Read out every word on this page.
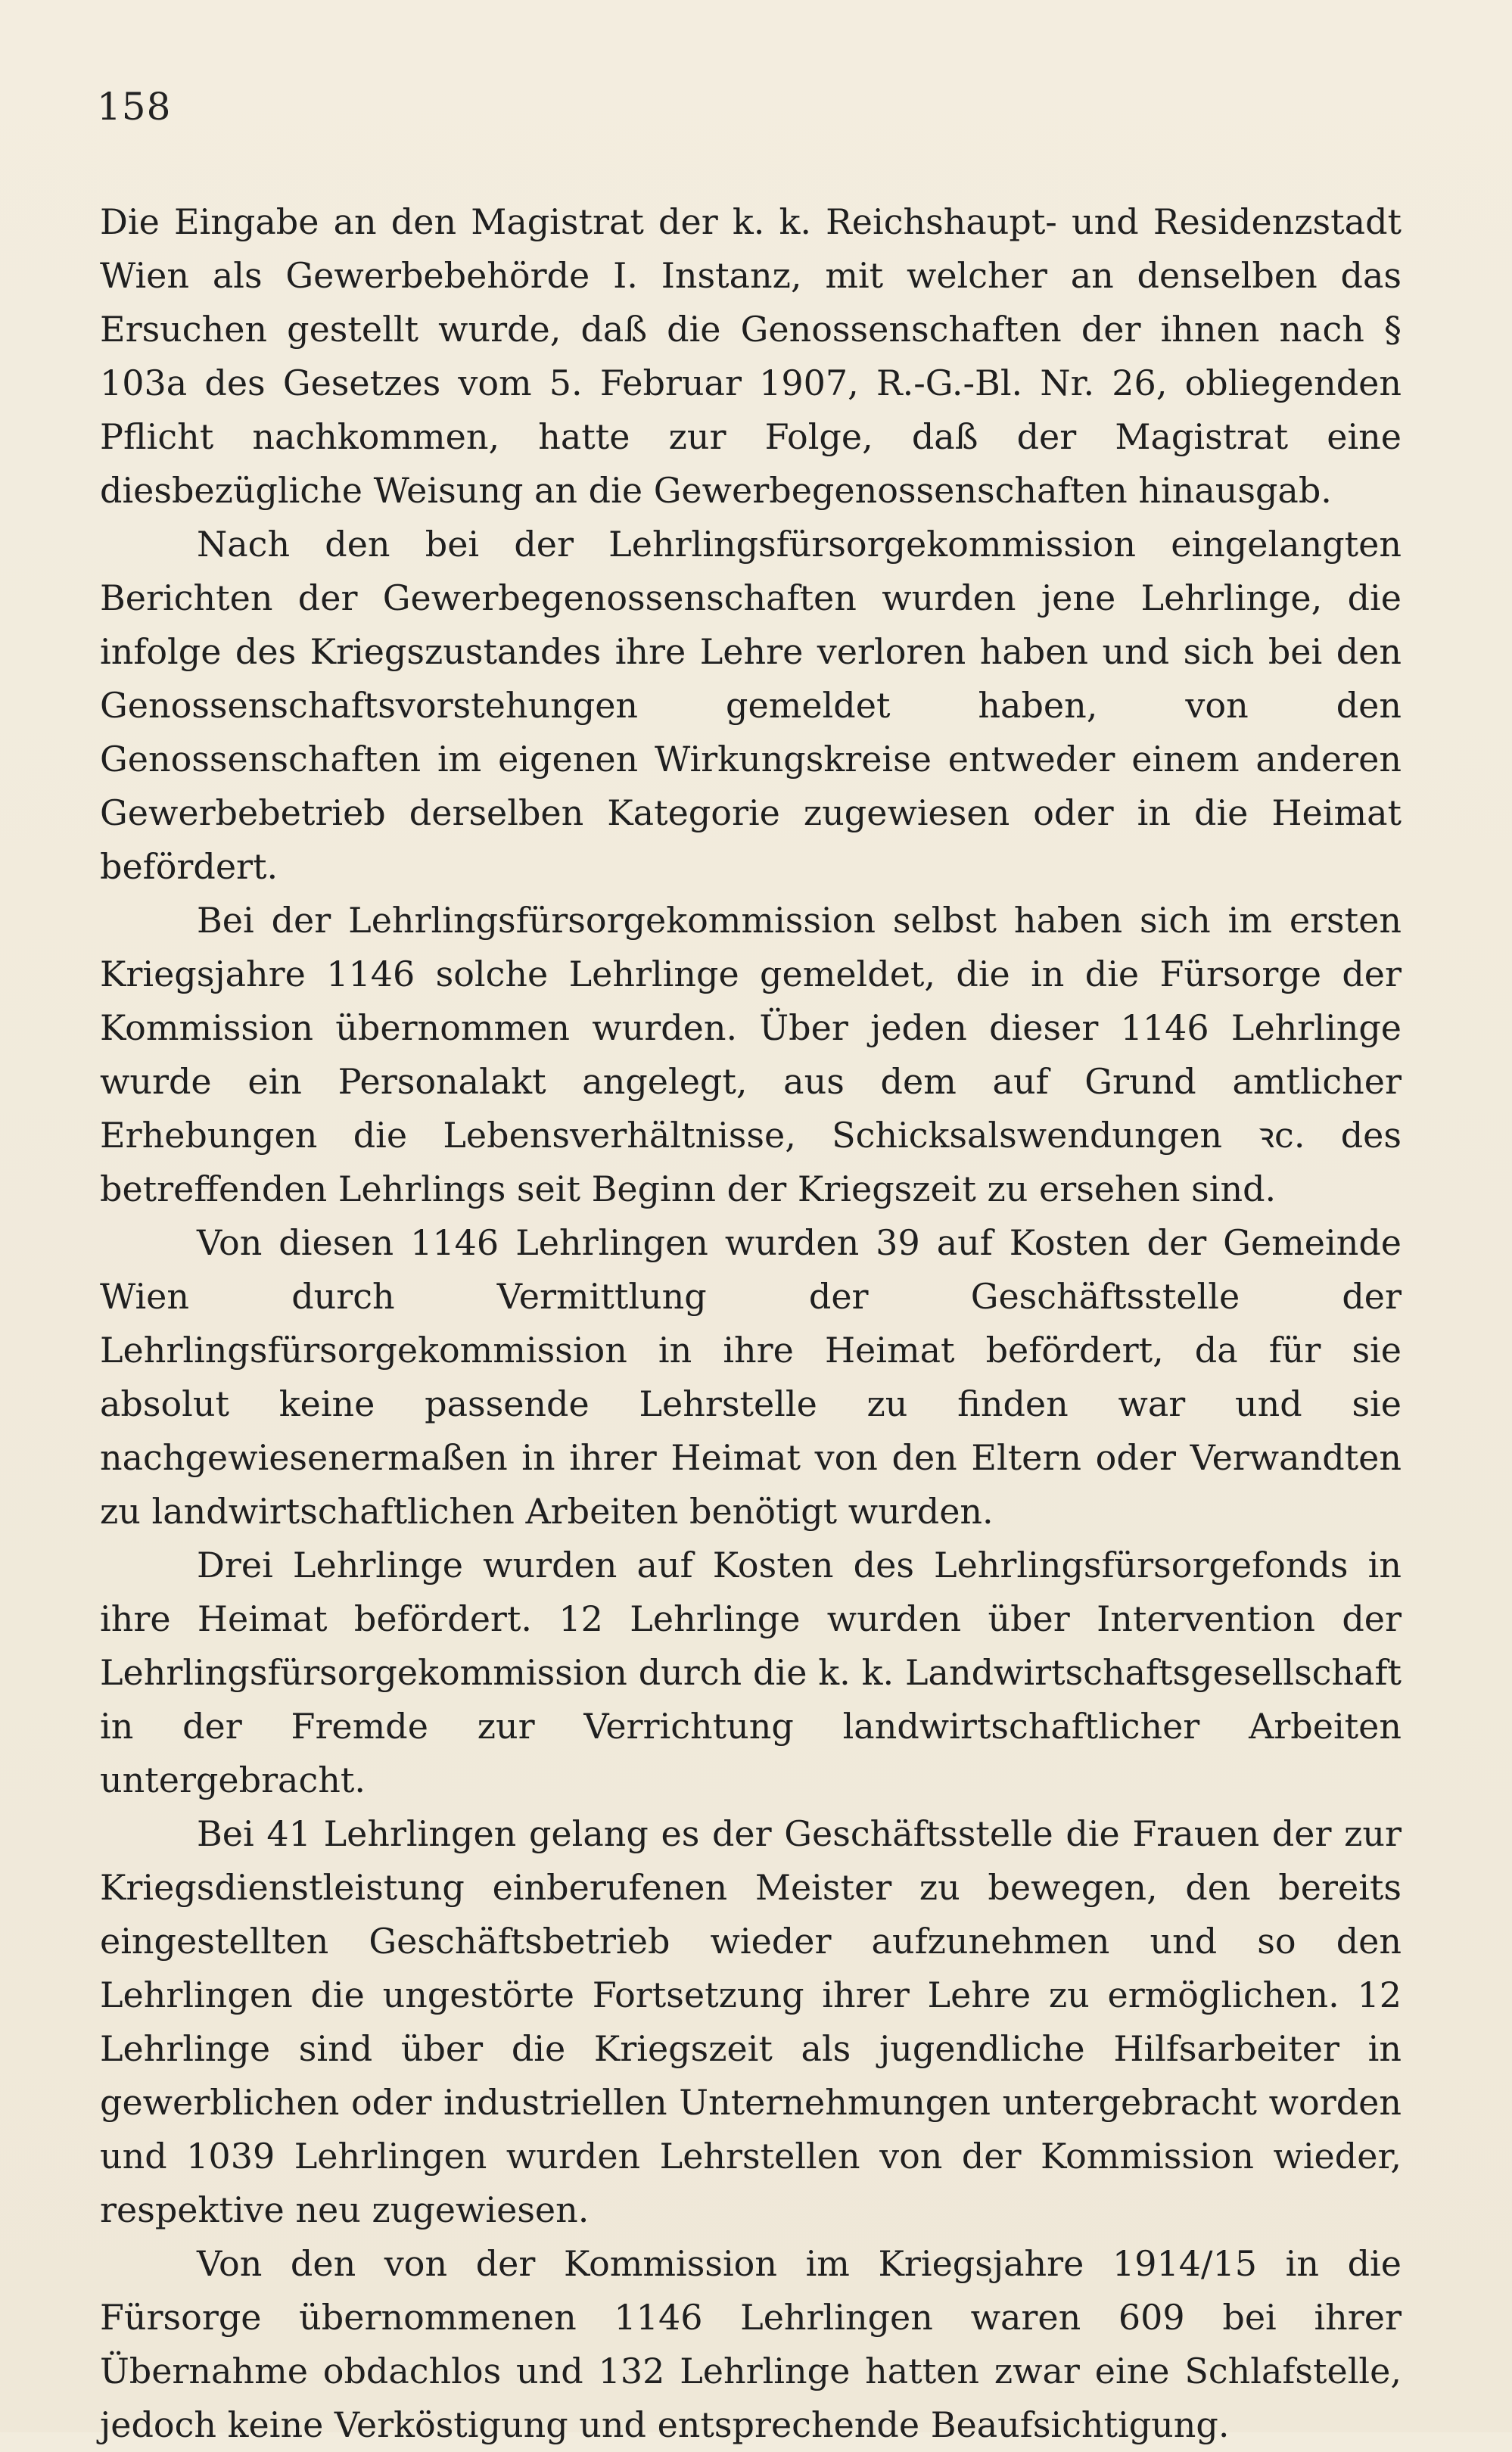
158

Die Eingabe an den Magistrat der k. k. Reichshaupt- und Residenzstadt Wien als Gewerbebehörde I. Instanz, mit welcher an denselben das Ersuchen gestellt wurde, daß die Genossenschaften der ihnen nach § 103a des Gesetzes vom 5. Februar 1907, R.-G.-Bl. Nr. 26, obliegenden Pflicht nachkommen, hatte zur Folge, daß der Magistrat eine diesbezügliche Weisung an die Gewerbegenossenschaften hinausgab.

Nach den bei der Lehrlingsfürsorgekommission eingelangten Berichten der Gewerbegenossenschaften wurden jene Lehrlinge, die infolge des Kriegszustandes ihre Lehre verloren haben und sich bei den Genossenschaftsvorstehungen gemeldet haben, von den Genossenschaften im eigenen Wirkungskreise entweder einem anderen Gewerbebetrieb derselben Kategorie zugewiesen oder in die Heimat befördert.

Bei der Lehrlingsfürsorgekommission selbst haben sich im ersten Kriegsjahre 1146 solche Lehrlinge gemeldet, die in die Fürsorge der Kommission übernommen wurden. Über jeden dieser 1146 Lehrlinge wurde ein Personalakt angelegt, aus dem auf Grund amtlicher Erhebungen die Lebensverhältnisse, Schicksalswendungen ꝛc. des betreffenden Lehrlings seit Beginn der Kriegszeit zu ersehen sind.

Von diesen 1146 Lehrlingen wurden 39 auf Kosten der Gemeinde Wien durch Vermittlung der Geschäftsstelle der Lehrlingsfürsorgekommission in ihre Heimat befördert, da für sie absolut keine passende Lehrstelle zu finden war und sie nachgewiesenermaßen in ihrer Heimat von den Eltern oder Verwandten zu landwirtschaftlichen Arbeiten benötigt wurden.

Drei Lehrlinge wurden auf Kosten des Lehrlingsfürsorgefonds in ihre Heimat befördert. 12 Lehrlinge wurden über Intervention der Lehrlingsfürsorgekommission durch die k. k. Landwirtschaftsgesellschaft in der Fremde zur Verrichtung landwirtschaftlicher Arbeiten untergebracht.

Bei 41 Lehrlingen gelang es der Geschäftsstelle die Frauen der zur Kriegsdienstleistung einberufenen Meister zu bewegen, den bereits eingestellten Geschäftsbetrieb wieder aufzunehmen und so den Lehrlingen die ungestörte Fortsetzung ihrer Lehre zu ermöglichen. 12 Lehrlinge sind über die Kriegszeit als jugendliche Hilfsarbeiter in gewerblichen oder industriellen Unternehmungen untergebracht worden und 1039 Lehrlingen wurden Lehrstellen von der Kommission wieder, respektive neu zugewiesen.

Von den von der Kommission im Kriegsjahre 1914/15 in die Fürsorge übernommenen 1146 Lehrlingen waren 609 bei ihrer Übernahme obdachlos und 132 Lehrlinge hatten zwar eine Schlafstelle, jedoch keine Verköstigung und entsprechende Beaufsichtigung.
